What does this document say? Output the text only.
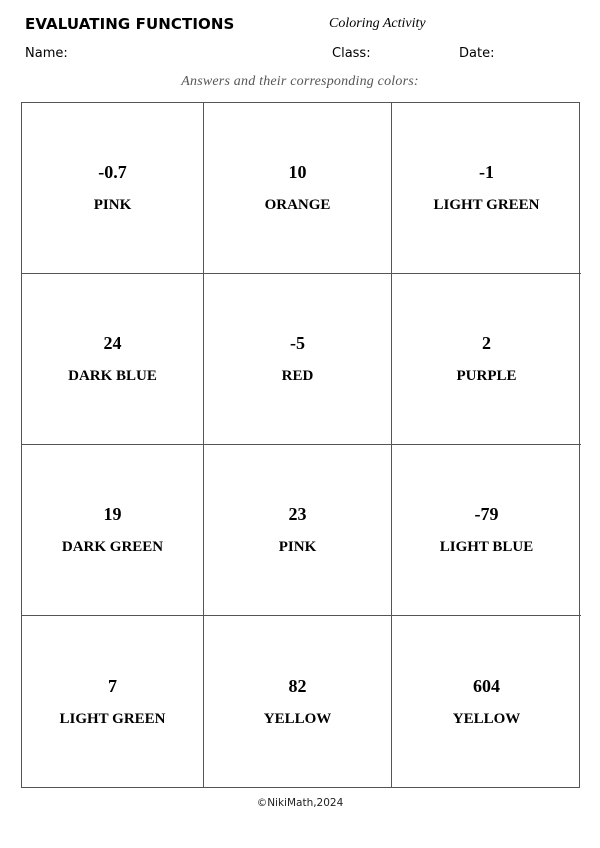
EVALUATING FUNCTIONS	Coloring Activity
Name:	Class:	Date:
Answers and their corresponding colors:
-0.7
PINK
10
ORANGE
-1
LIGHT GREEN
24
DARK BLUE
-5
RED
2
PURPLE
19
DARK GREEN
23
PINK
-79
LIGHT BLUE
7
LIGHT GREEN
82
YELLOW
604
YELLOW
©NikiMath,2024
